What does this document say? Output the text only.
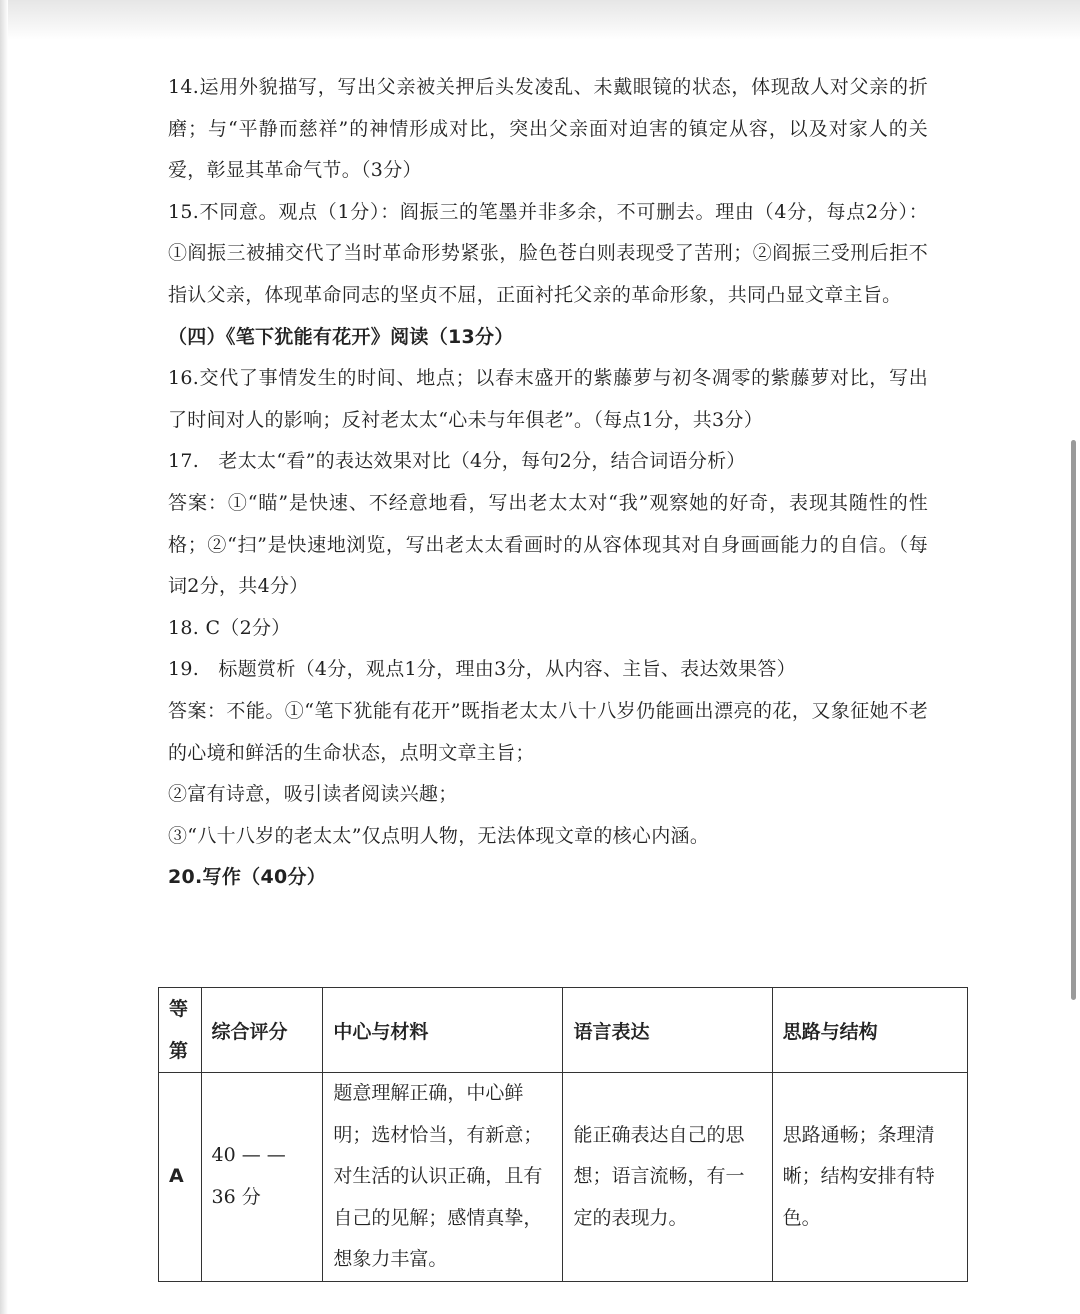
14.运用外貌描写，写出父亲被关押后头发凌乱、未戴眼镜的状态，体现敌人对父亲的折磨；与“平静而慈祥”的神情形成对比，突出父亲面对迫害的镇定从容，以及对家人的关爱，彰显其革命气节。（3分）

15.不同意。观点（1分）：阎振三的笔墨并非多余，不可删去。理由（4分，每点2分）：①阎振三被捕交代了当时革命形势紧张，脸色苍白则表现受了苦刑；②阎振三受刑后拒不指认父亲，体现革命同志的坚贞不屈，正面衬托父亲的革命形象，共同凸显文章主旨。

（四）《笔下犹能有花开》阅读（13分）

16.交代了事情发生的时间、地点；以春末盛开的紫藤萝与初冬凋零的紫藤萝对比，写出了时间对人的影响；反衬老太太“心未与年俱老”。（每点1分，共3分）

17.　老太太“看”的表达效果对比（4分，每句2分，结合词语分析）

答案：①“瞄”是快速、不经意地看，写出老太太对“我”观察她的好奇，表现其随性的性格；②“扫”是快速地浏览，写出老太太看画时的从容体现其对自身画画能力的自信。（每词2分，共4分）

18. C（2分）

19.　标题赏析（4分，观点1分，理由3分，从内容、主旨、表达效果答）

答案：不能。①“笔下犹能有花开”既指老太太八十八岁仍能画出漂亮的花，又象征她不老的心境和鲜活的生命状态，点明文章主旨；

②富有诗意，吸引读者阅读兴趣；

③“八十八岁的老太太”仅点明人物，无法体现文章的核心内涵。

20.写作（40分）

等第	综合评分	中心与材料	语言表达	思路与结构
A	40 — — 36 分	题意理解正确，中心鲜明；选材恰当，有新意；对生活的认识正确，且有自己的见解；感情真挚，想象力丰富。	能正确表达自己的思想；语言流畅，有一定的表现力。	思路通畅；条理清晰；结构安排有特色。
